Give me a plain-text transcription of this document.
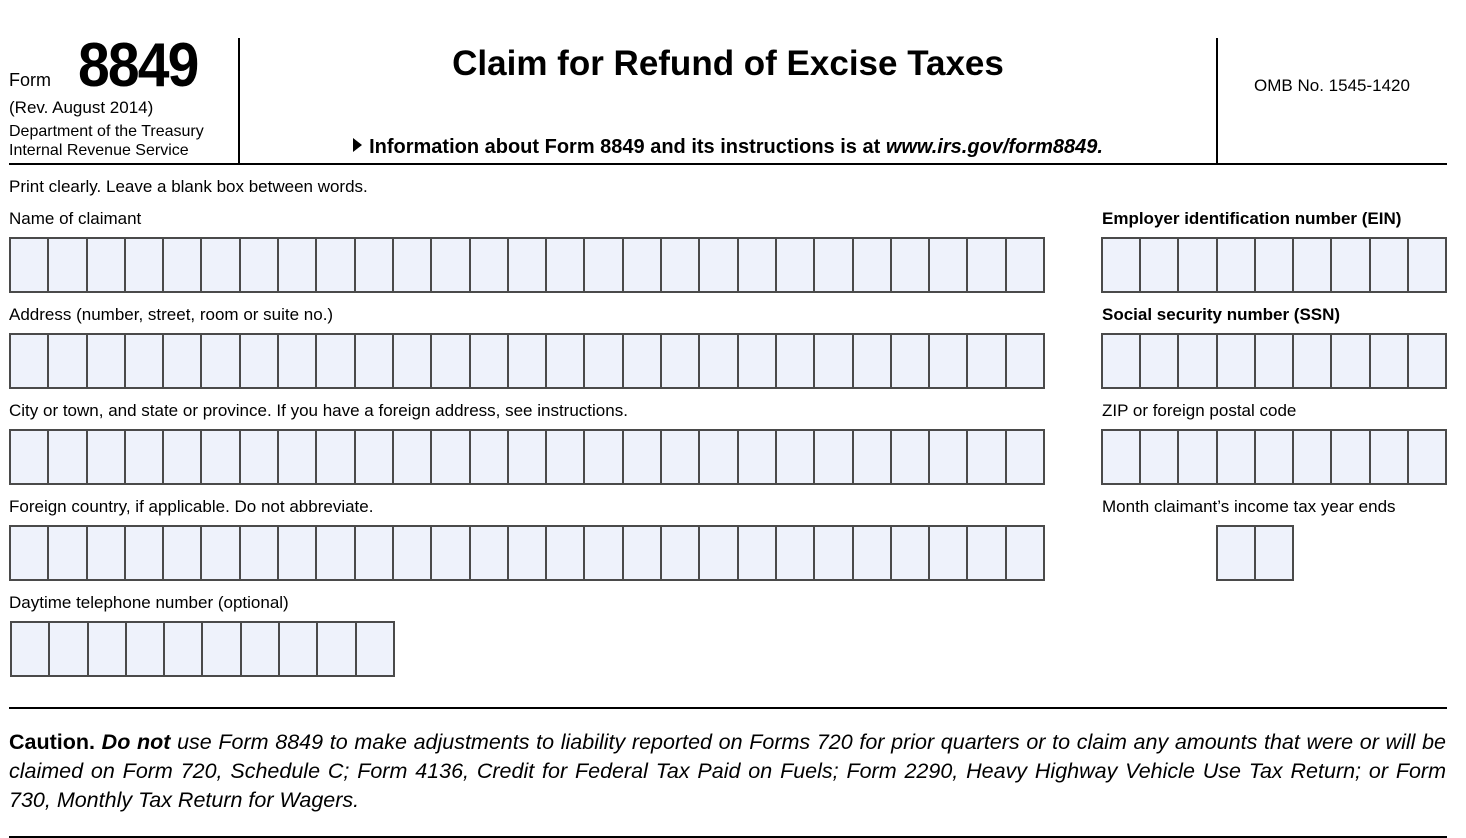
Form 8849
(Rev. August 2014)
Department of the Treasury
Internal Revenue Service
Claim for Refund of Excise Taxes
Information about Form 8849 and its instructions is at www.irs.gov/form8849.
OMB No. 1545-1420
Print clearly. Leave a blank box between words.
Name of claimant
Address (number, street, room or suite no.)
City or town, and state or province. If you have a foreign address, see instructions.
Foreign country, if applicable. Do not abbreviate.
Daytime telephone number (optional)
Employer identification number (EIN)
Social security number (SSN)
ZIP or foreign postal code
Month claimant’s income tax year ends
Caution. Do not use Form 8849 to make adjustments to liability reported on Forms 720 for prior quarters or to claim any amounts that were or will be claimed on Form 720, Schedule C; Form 4136, Credit for Federal Tax Paid on Fuels; Form 2290, Heavy Highway Vehicle Use Tax Return; or Form 730, Monthly Tax Return for Wagers.
